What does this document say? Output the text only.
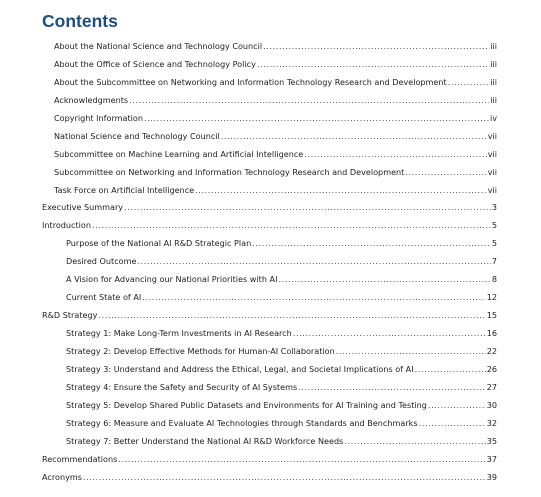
Contents
About the National Science and Technology Council .....	iii
About the Office of Science and Technology Policy .....	iii
About the Subcommittee on Networking and Information Technology Research and Development .....	iii
Acknowledgments .....	iii
Copyright Information .....	iv
National Science and Technology Council .....	vii
Subcommittee on Machine Learning and Artificial Intelligence .....	vii
Subcommittee on Networking and Information Technology Research and Development .....	vii
Task Force on Artificial Intelligence .....	vii
Executive Summary .....	3
Introduction .....	5
Purpose of the National AI R&D Strategic Plan .....	5
Desired Outcome .....	7
A Vision for Advancing our National Priorities with AI .....	8
Current State of AI .....	12
R&D Strategy .....	15
Strategy 1: Make Long-Term Investments in AI Research .....	16
Strategy 2: Develop Effective Methods for Human-AI Collaboration .....	22
Strategy 3: Understand and Address the Ethical, Legal, and Societal Implications of AI .....	26
Strategy 4: Ensure the Safety and Security of AI Systems .....	27
Strategy 5: Develop Shared Public Datasets and Environments for AI Training and Testing .....	30
Strategy 6: Measure and Evaluate AI Technologies through Standards and Benchmarks .....	32
Strategy 7: Better Understand the National AI R&D Workforce Needs .....	35
Recommendations .....	37
Acronyms .....	39
